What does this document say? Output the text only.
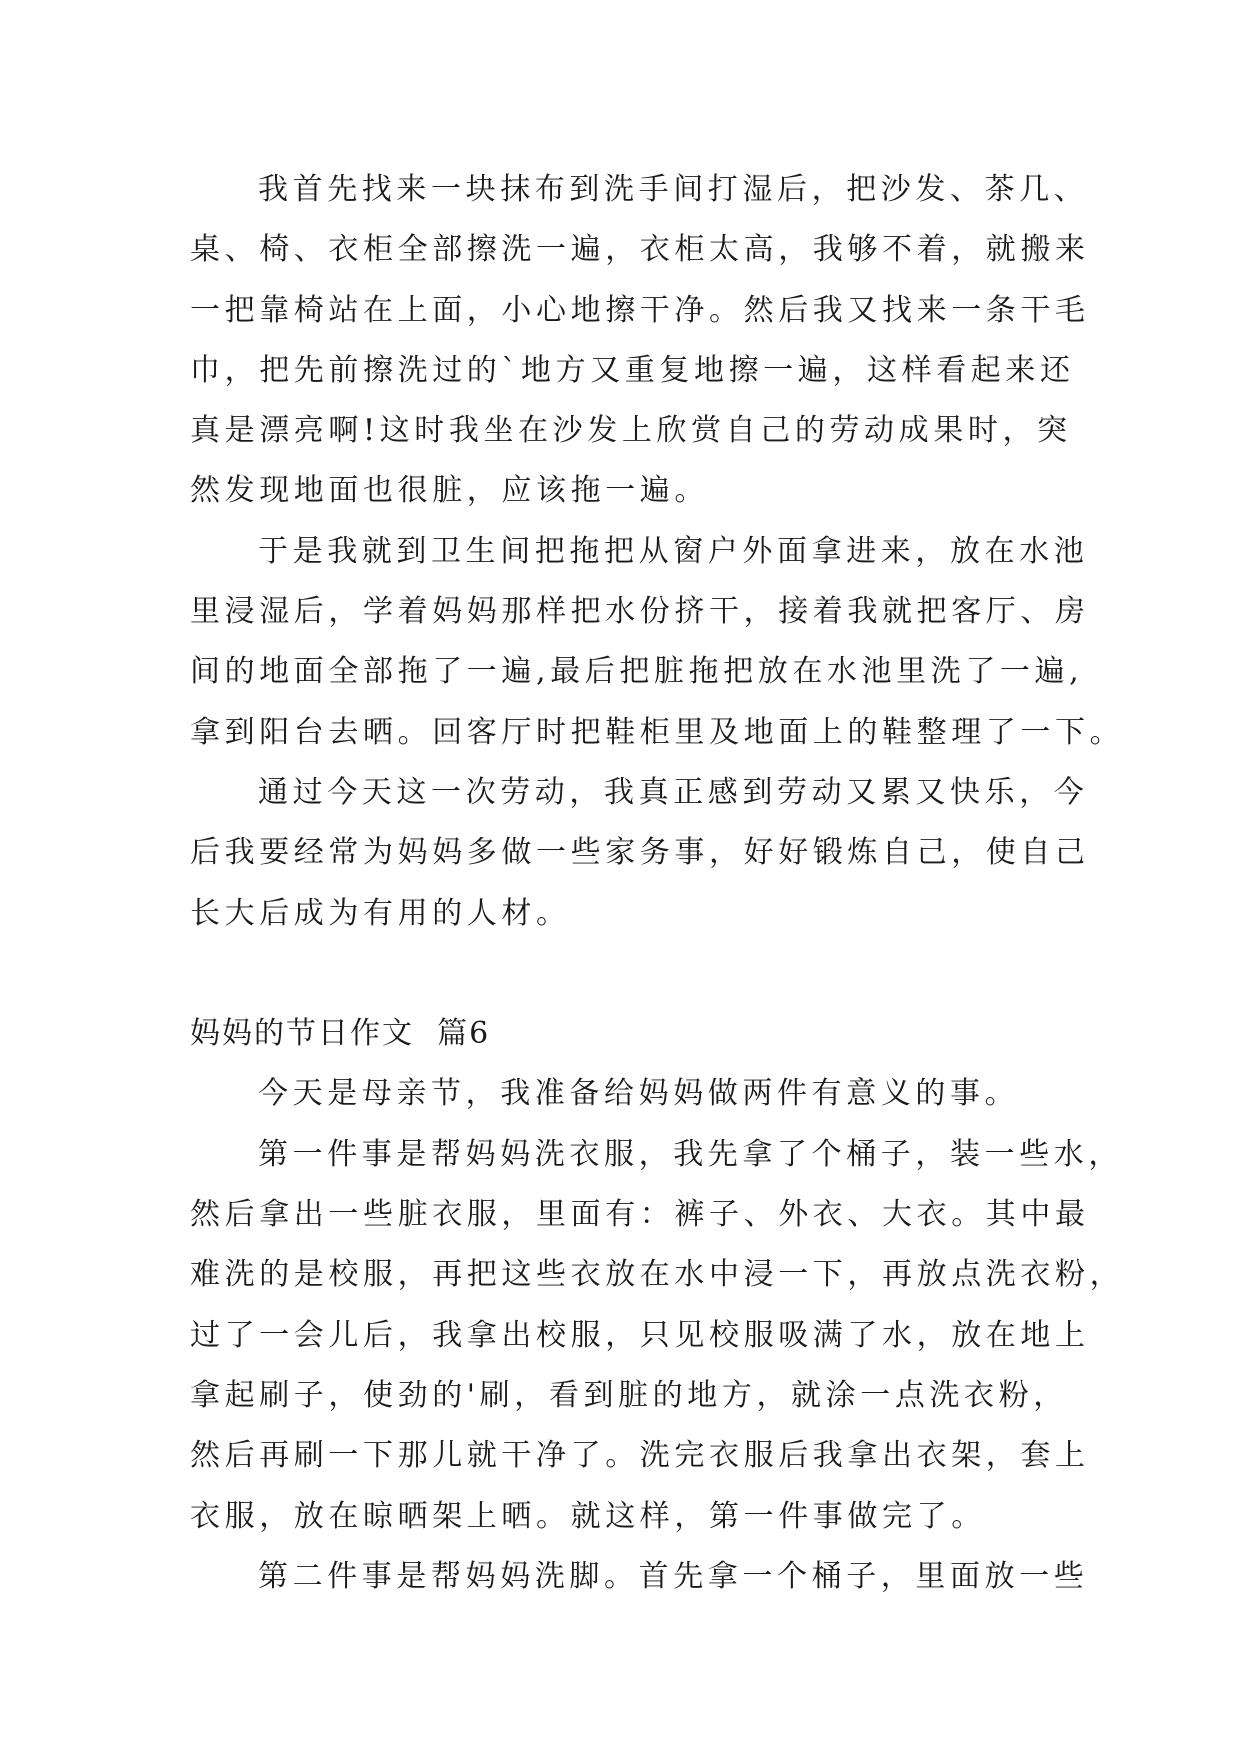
我首先找来一块抹布到洗手间打湿后，把沙发、茶几、
桌、椅、衣柜全部擦洗一遍，衣柜太高，我够不着，就搬来
一把靠椅站在上面，小心地擦干净。然后我又找来一条干毛
巾，把先前擦洗过的`地方又重复地擦一遍，这样看起来还
真是漂亮啊!这时我坐在沙发上欣赏自己的劳动成果时，突
然发现地面也很脏，应该拖一遍。
于是我就到卫生间把拖把从窗户外面拿进来，放在水池
里浸湿后，学着妈妈那样把水份挤干，接着我就把客厅、房
间的地面全部拖了一遍,最后把脏拖把放在水池里洗了一遍,
拿到阳台去晒。回客厅时把鞋柜里及地面上的鞋整理了一下。
通过今天这一次劳动，我真正感到劳动又累又快乐，今
后我要经常为妈妈多做一些家务事，好好锻炼自己，使自己
长大后成为有用的人材。
妈妈的节日作文  篇6
今天是母亲节，我准备给妈妈做两件有意义的事。
第一件事是帮妈妈洗衣服，我先拿了个桶子，装一些水，
然后拿出一些脏衣服，里面有：裤子、外衣、大衣。其中最
难洗的是校服，再把这些衣放在水中浸一下，再放点洗衣粉，
过了一会儿后，我拿出校服，只见校服吸满了水，放在地上
拿起刷子，使劲的'刷，看到脏的地方，就涂一点洗衣粉，
然后再刷一下那儿就干净了。洗完衣服后我拿出衣架，套上
衣服，放在晾晒架上晒。就这样，第一件事做完了。
第二件事是帮妈妈洗脚。首先拿一个桶子，里面放一些
